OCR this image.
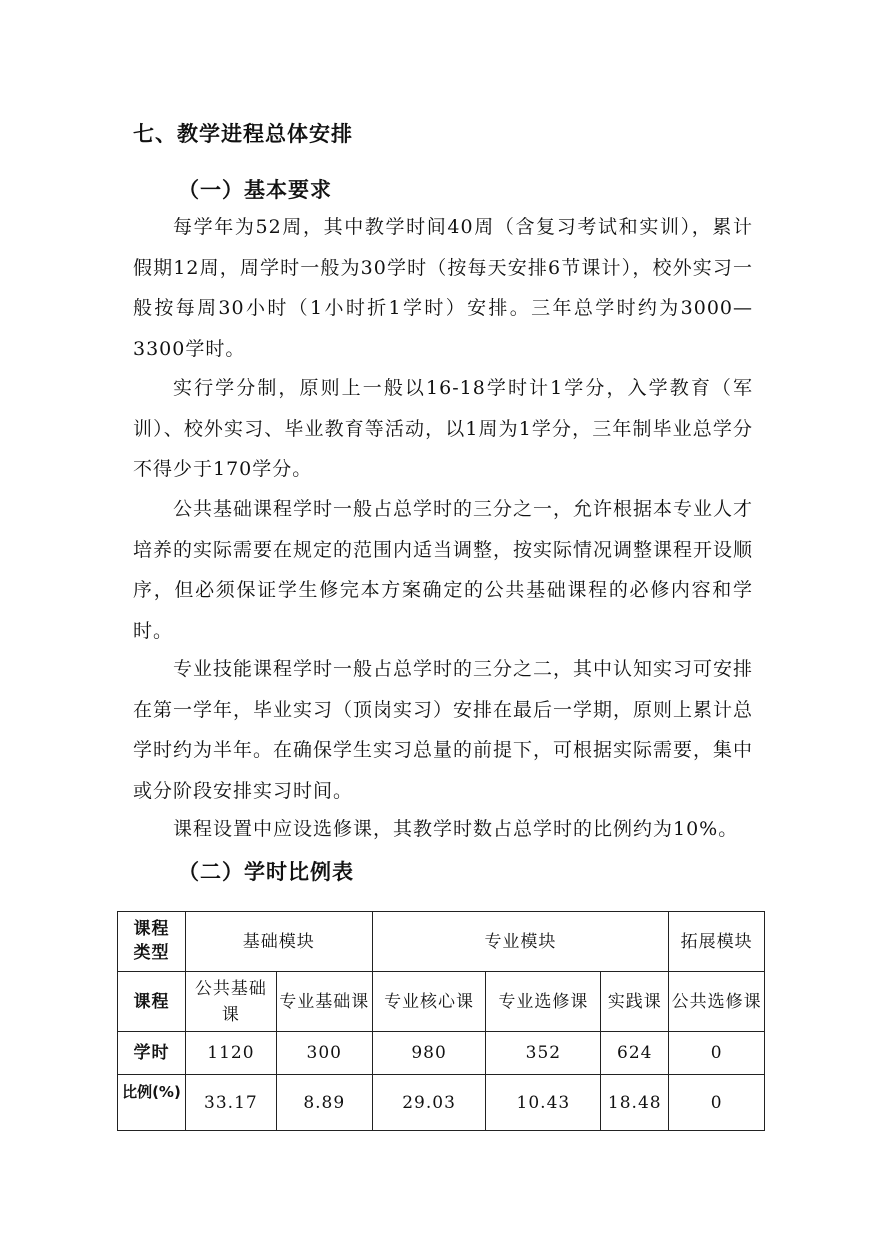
七、教学进程总体安排
（一）基本要求

每学年为52周，其中教学时间40周（含复习考试和实训），累计假期12周，周学时一般为30学时（按每天安排6节课计），校外实习一般按每周30小时（1小时折1学时）安排。三年总学时约为3000—3300学时。

实行学分制，原则上一般以16-18学时计1学分，入学教育（军训）、校外实习、毕业教育等活动，以1周为1学分，三年制毕业总学分不得少于170学分。

公共基础课程学时一般占总学时的三分之一，允许根据本专业人才培养的实际需要在规定的范围内适当调整，按实际情况调整课程开设顺序，但必须保证学生修完本方案确定的公共基础课程的必修内容和学时。

专业技能课程学时一般占总学时的三分之二，其中认知实习可安排在第一学年，毕业实习（顶岗实习）安排在最后一学期，原则上累计总学时约为半年。在确保学生实习总量的前提下，可根据实际需要，集中或分阶段安排实习时间。

课程设置中应设选修课，其教学时数占总学时的比例约为10%。

（二）学时比例表
课程类型	基础模块		专业模块			拓展模块
课程	公共基础课	专业基础课	专业核心课	专业选修课	实践课	公共选修课
学时	1120	300	980	352	624	0
比例(%)	33.17	8.89	29.03	10.43	18.48	0
